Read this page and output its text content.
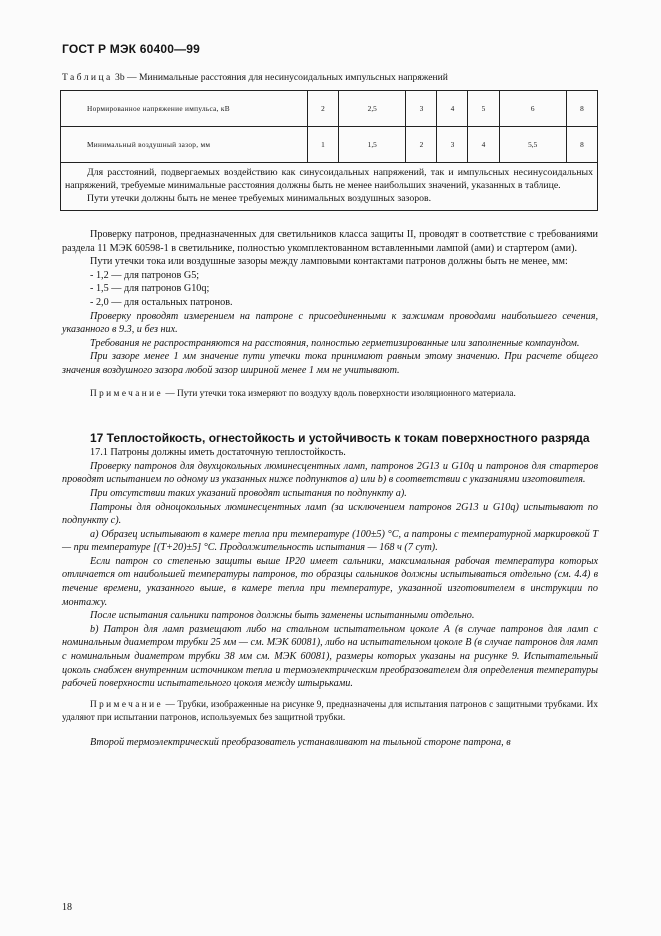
ГОСТ Р МЭК 60400—99
Таблица 3b — Минимальные расстояния для несинусоидальных импульсных напряжений
Нормированное напряжение импульса, кВ	2	2,5	3	4	5	6	8
Минимальный воздушный зазор, мм	1	1,5	2	3	4	5,5	8

Для расстояний, подвергаемых воздействию как синусоидальных напряжений, так и импульсных несинусоидальных напряжений, требуемые минимальные расстояния должны быть не менее наибольших значений, указанных в таблице.

Пути утечки должны быть не менее требуемых минимальных воздушных зазоров.							

Проверку патронов, предназначенных для светильников класса защиты II, проводят в соответствие с требованиями раздела 11 МЭК 60598-1 в светильнике, полностью укомплектованном вставленными лампой (ами) и стартером (ами).

Пути утечки тока или воздушные зазоры между ламповыми контактами патронов должны быть не менее, мм:

- 1,2 — для патронов G5;

- 1,5 — для патронов G10q;

- 2,0 — для остальных патронов.

Проверку проводят измерением на патроне с присоединенными к зажимам проводами наибольшего сечения, указанного в 9.3, и без них.

Требования не распространяются на расстояния, полностью герметизированные или заполненные компаундом.

При зазоре менее 1 мм значение пути утечки тока принимают равным этому значению. При расчете общего значения воздушного зазора любой зазор шириной менее 1 мм не учитывают.

Примечание — Пути утечки тока измеряют по воздуху вдоль поверхности изоляционного материала.

17 Теплостойкость, огнестойкость и устойчивость к токам поверхностного разряда

17.1 Патроны должны иметь достаточную теплостойкость.

Проверку патронов для двухцокольных люминесцентных ламп, патронов 2G13 и G10q и патронов для стартеров проводят испытанием по одному из указанных ниже подпунктов а) или b) в соответствии с указаниями изготовителя.

При отсутствии таких указаний проводят испытания по подпункту а).

Патроны для одноцокольных люминесцентных ламп (за исключением патронов 2G13 и G10q) испытывают по подпункту с).

а) Образец испытывают в камере тепла при температуре (100±5) °С, а патроны с температурной маркировкой Т — при температуре [(Т+20)±5] °С. Продолжительность испытания — 168 ч (7 сут).

Если патрон со степенью защиты выше IP20 имеет сальники, максимальная рабочая температура которых отличается от наибольшей температуры патронов, то образцы сальников должны испытываться отдельно (см. 4.4) в течение времени, указанного выше, в камере тепла при температуре, указанной изготовителем в инструкции по монтажу.

После испытания сальники патронов должны быть заменены испытанными отдельно.

b) Патрон для ламп размещают либо на стальном испытательном цоколе А (в случае патронов для ламп с номинальным диаметром трубки 25 мм — см. МЭК 60081), либо на испытательном цоколе В (в случае патронов для ламп с номинальным диаметром трубки 38 мм см. МЭК 60081), размеры которых указаны на рисунке 9. Испытательный цоколь снабжен внутренним источником тепла и термоэлектрическим преобразователем для определения температуры рабочей поверхности испытательного цоколя между штырьками.

Примечание — Трубки, изображенные на рисунке 9, предназначены для испытания патронов с защитными трубками. Их удаляют при испытании патронов, используемых без защитной трубки.

Второй термоэлектрический преобразователь устанавливают на тыльной стороне патрона, в

18
